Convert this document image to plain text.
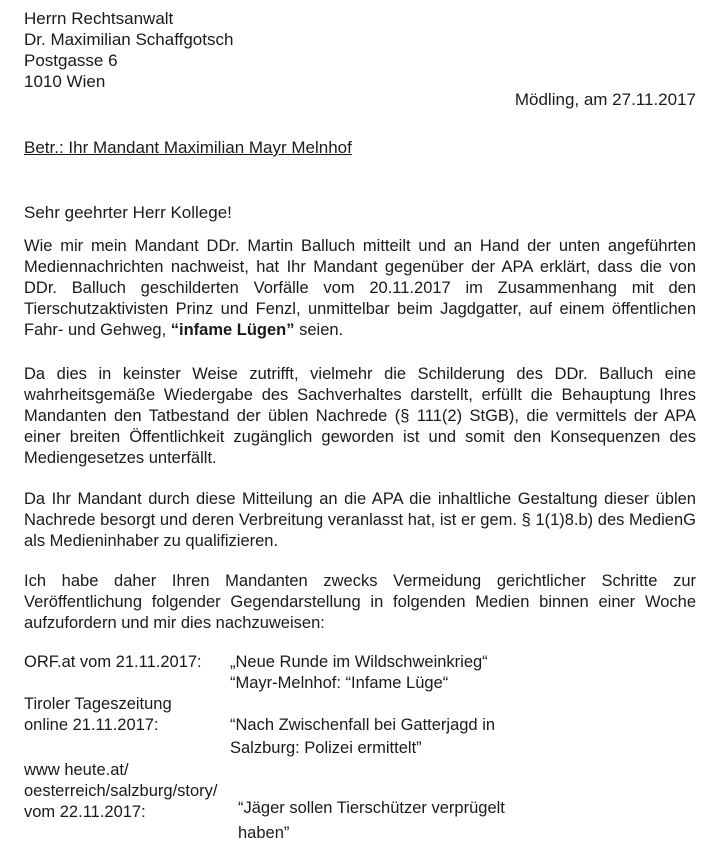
Herrn Rechtsanwalt
Dr. Maximilian Schaffgotsch
Postgasse 6
1010 Wien
Mödling, am 27.11.2017
Betr.: Ihr Mandant Maximilian Mayr Melnhof
Sehr geehrter Herr Kollege!
Wie mir mein Mandant DDr. Martin Balluch mitteilt und an Hand der unten angeführten Mediennachrichten nachweist, hat Ihr Mandant gegenüber der APA erklärt, dass die von DDr. Balluch geschilderten Vorfälle vom 20.11.2017 im Zusammenhang mit den Tierschutzaktivisten Prinz und Fenzl, unmittelbar beim Jagdgatter, auf einem öffentlichen Fahr- und Gehweg, “infame Lügen” seien.
Da dies in keinster Weise zutrifft, vielmehr die Schilderung des DDr. Balluch eine wahrheitsgemäße Wiedergabe des Sachverhaltes darstellt, erfüllt die Behauptung Ihres Mandanten den Tatbestand der üblen Nachrede (§ 111(2) StGB), die vermittels der APA einer breiten Öffentlichkeit zugänglich geworden ist und somit den Konsequenzen des Mediengesetzes unterfällt.
Da Ihr Mandant durch diese Mitteilung an die APA die inhaltliche Gestaltung dieser üblen Nachrede besorgt und deren Verbreitung veranlasst hat, ist er gem. § 1(1)8.b) des MedienG als Medieninhaber zu qualifizieren.
Ich habe daher Ihren Mandanten zwecks Vermeidung gerichtlicher Schritte zur Veröffentlichung folgender Gegendarstellung in folgenden Medien binnen einer Woche aufzufordern und mir dies nachzuweisen:
ORF.at vom 21.11.2017: „Neue Runde im Wildschweinkrieg“
“Mayr-Melnhof: “Infame Lüge“
Tiroler Tageszeitung
online 21.11.2017:	“Nach Zwischenfall bei Gatterjagd in
Salzburg: Polizei ermittelt”
www heute.at/
oesterreich/salzburg/story/
vom 22.11.2017:	“Jäger sollen Tierschützer verprügelt
haben”
